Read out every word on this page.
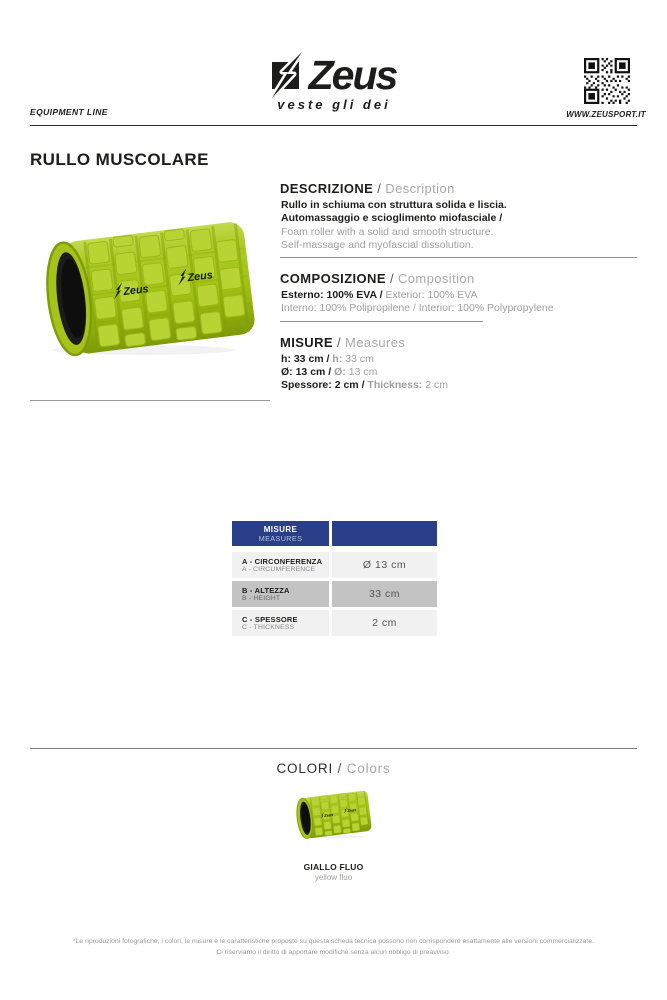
EQUIPMENT LINE
Zeus
veste gli dei
WWW.ZEUSPORT.IT
RULLO MUSCOLARE
DESCRIZIONE / Description
Rullo in schiuma con struttura solida e liscia.
Automassaggio e scioglimento miofasciale /
Foam roller with a solid and smooth structure.
Self-massage and myofascial dissolution.
COMPOSIZIONE / Composition
Esterno: 100% EVA / Exterior: 100% EVA
Interno: 100% Polipropilene / Interior: 100% Polypropylene
MISURE / Measures
h: 33 cm / h: 33 cm
Ø: 13 cm / Ø: 13 cm
Spessore: 2 cm / Thickness: 2 cm
MISURE
MEASURES
A - CIRCONFERENZA
A - CIRCUMFERENCE	Ø 13 cm
B - ALTEZZA
B - HEIGHT	33 cm
C - SPESSORE
C - THICKNESS	2 cm
COLORI / Colors
GIALLO FLUO
yellow fluo
*Le riproduzioni fotografiche, i colori, le misure e le caratteristiche proposte su questa scheda tecnica possono non corrispondere esattamente alle versioni commercializzate.
Ci riserviamo il diritto di apportare modifiche senza alcun obbligo di preavviso.
